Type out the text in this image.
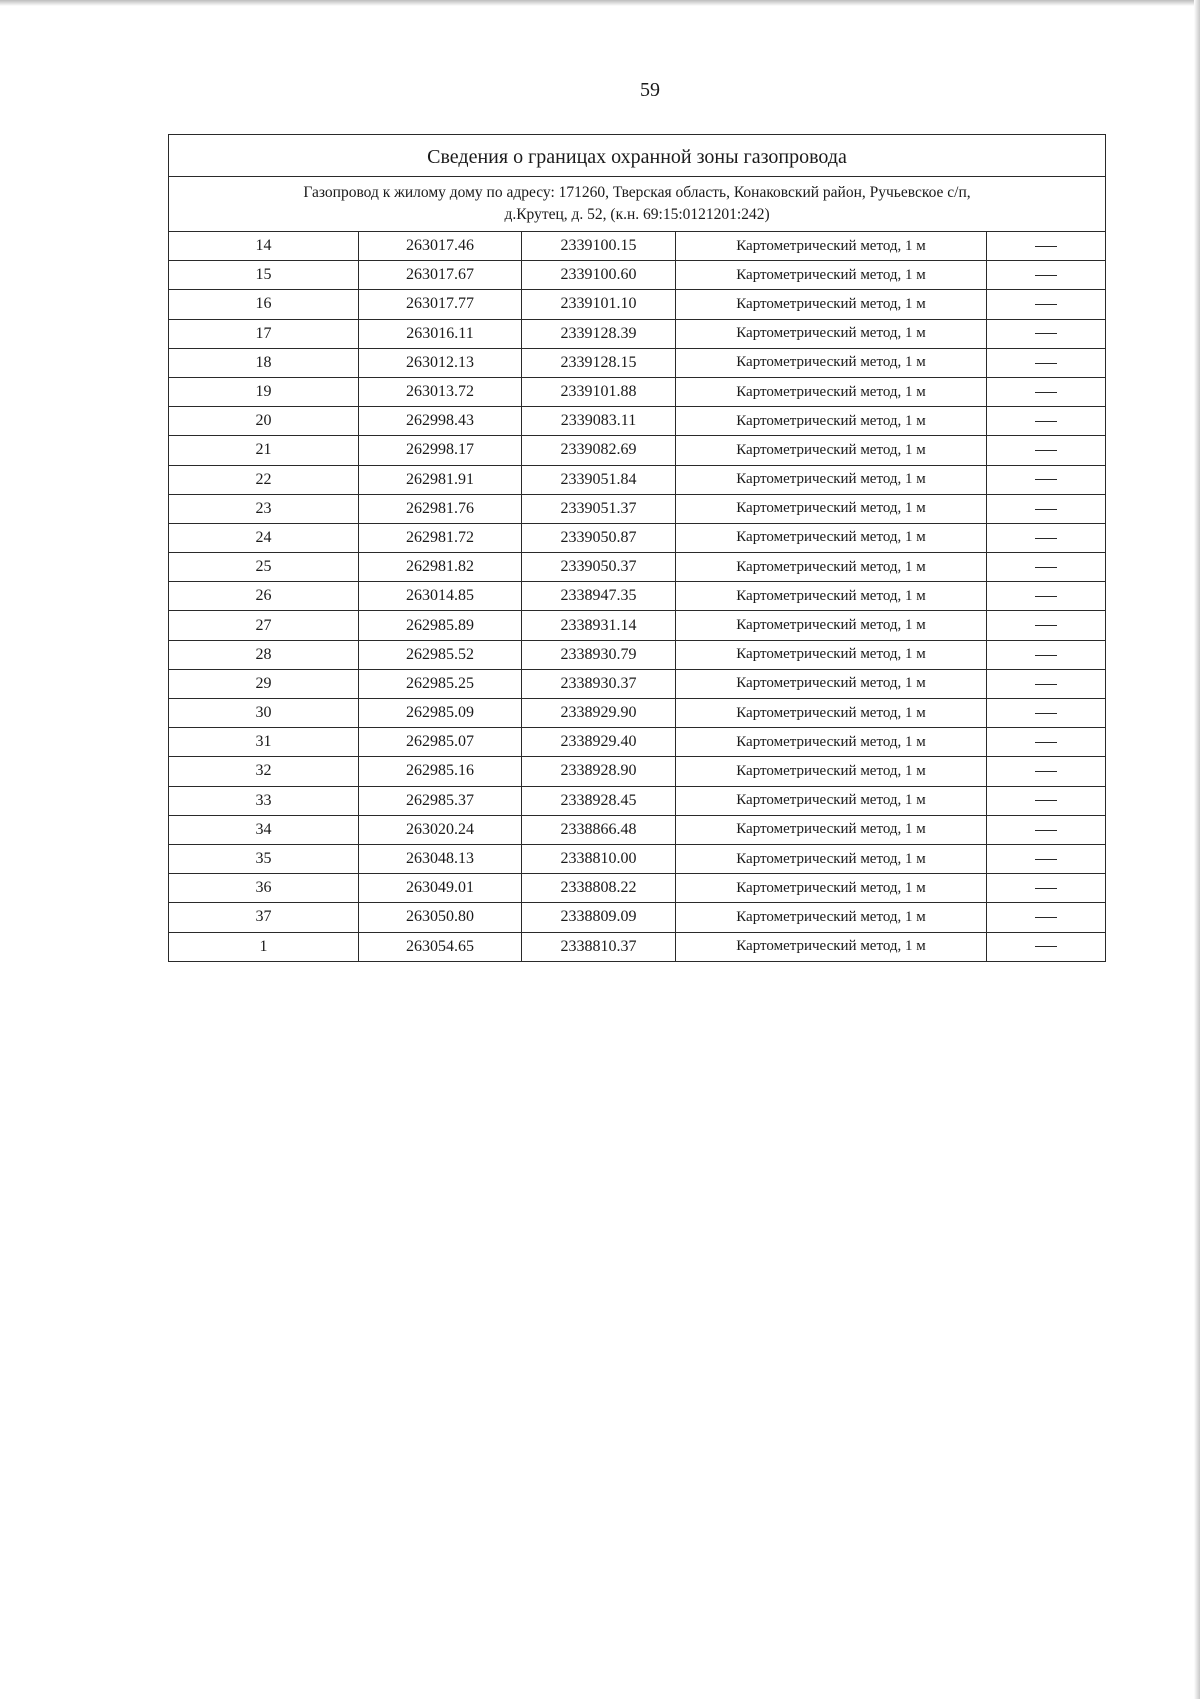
59
Сведения о границах охранной зоны газопровода				

Газопровод к жилому дому по адресу: 171260, Тверская область, Конаковский район, Ручьевское с/п,
д.Крутец, д. 52, (к.н. 69:15:0121201:242)				

14	263017.46	2339100.15	Картометрический метод, 1 м	
15	263017.67	2339100.60	Картометрический метод, 1 м	
16	263017.77	2339101.10	Картометрический метод, 1 м	
17	263016.11	2339128.39	Картометрический метод, 1 м	
18	263012.13	2339128.15	Картометрический метод, 1 м	
19	263013.72	2339101.88	Картометрический метод, 1 м	
20	262998.43	2339083.11	Картометрический метод, 1 м	
21	262998.17	2339082.69	Картометрический метод, 1 м	
22	262981.91	2339051.84	Картометрический метод, 1 м	
23	262981.76	2339051.37	Картометрический метод, 1 м	
24	262981.72	2339050.87	Картометрический метод, 1 м	
25	262981.82	2339050.37	Картометрический метод, 1 м	
26	263014.85	2338947.35	Картометрический метод, 1 м	
27	262985.89	2338931.14	Картометрический метод, 1 м	
28	262985.52	2338930.79	Картометрический метод, 1 м	
29	262985.25	2338930.37	Картометрический метод, 1 м	
30	262985.09	2338929.90	Картометрический метод, 1 м	
31	262985.07	2338929.40	Картометрический метод, 1 м	
32	262985.16	2338928.90	Картометрический метод, 1 м	
33	262985.37	2338928.45	Картометрический метод, 1 м	
34	263020.24	2338866.48	Картометрический метод, 1 м	
35	263048.13	2338810.00	Картометрический метод, 1 м	
36	263049.01	2338808.22	Картометрический метод, 1 м	
37	263050.80	2338809.09	Картометрический метод, 1 м	
1	263054.65	2338810.37	Картометрический метод, 1 м	
